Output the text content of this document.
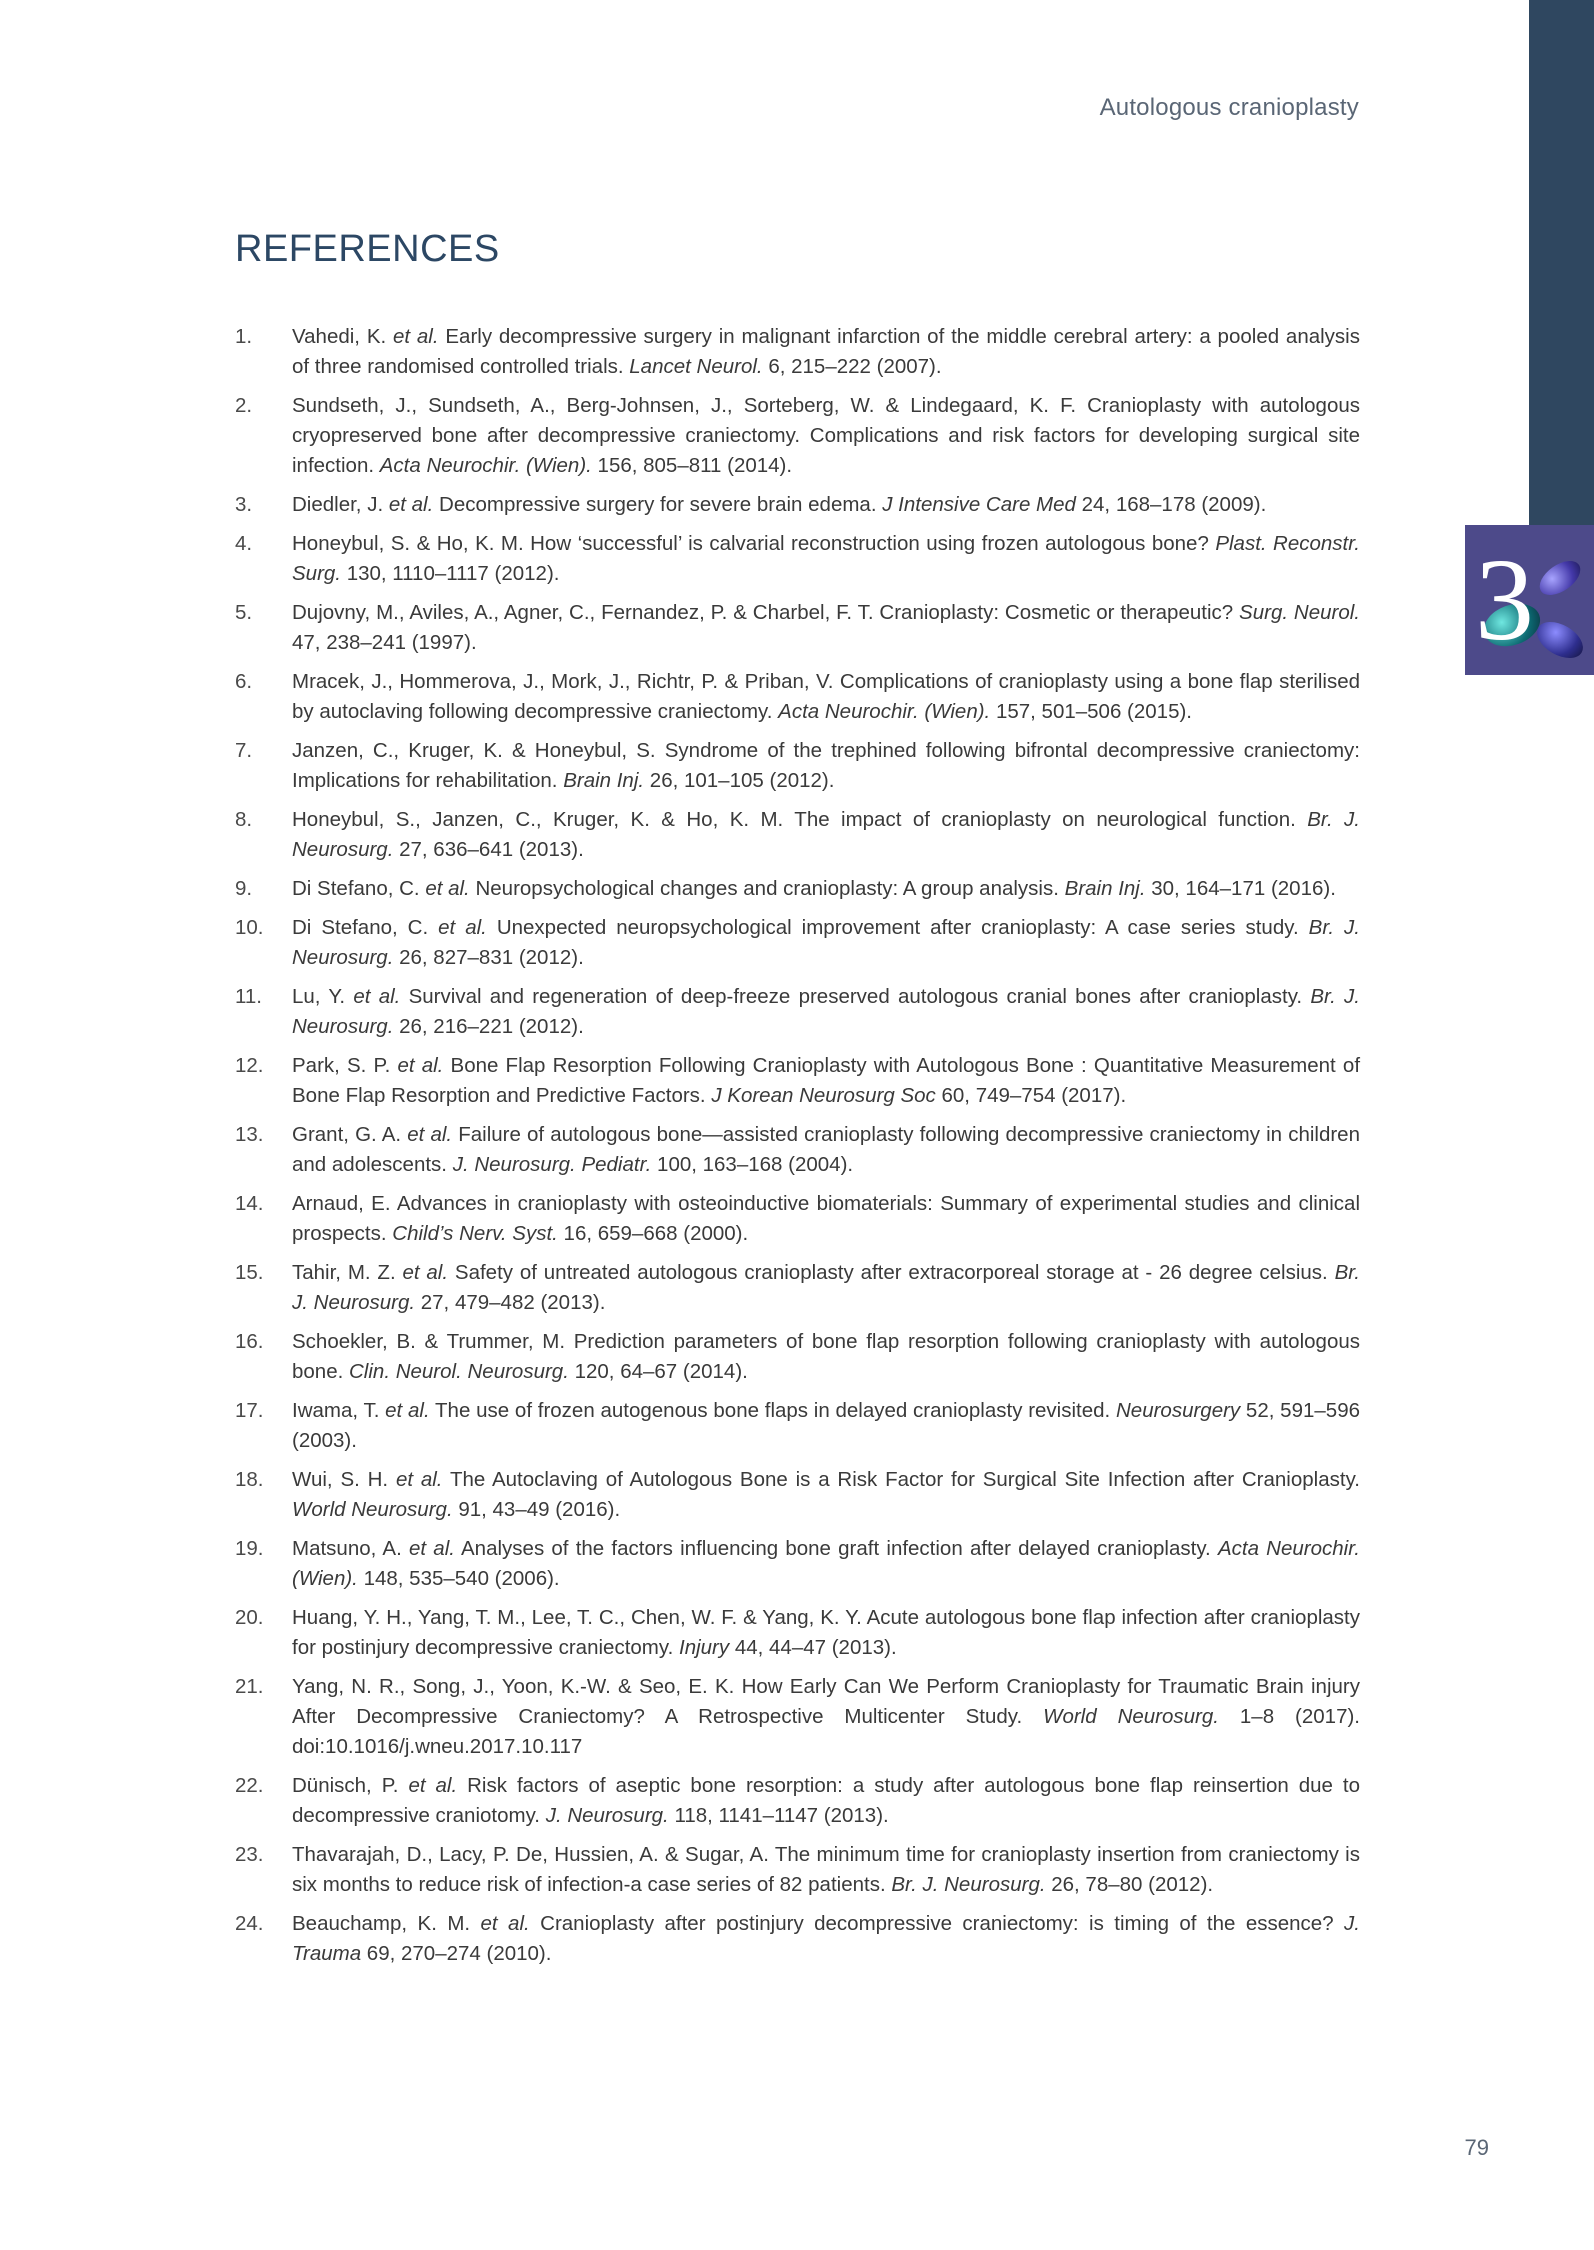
3
Autologous cranioplasty
REFERENCES
1.	Vahedi, K. et al. Early decompressive surgery in malignant infarction of the middle cerebral artery: a pooled analysis of three randomised controlled trials. Lancet Neurol. 6, 215–222 (2007).
2.	Sundseth, J., Sundseth, A., Berg-Johnsen, J., Sorteberg, W. & Lindegaard, K. F. Cranioplasty with autologous cryopreserved bone after decompressive craniectomy. Complications and risk factors for developing surgical site infection. Acta Neurochir. (Wien). 156, 805–811 (2014).
3.	Diedler, J. et al. Decompressive surgery for severe brain edema. J Intensive Care Med 24, 168–178 (2009).
4.	Honeybul, S. & Ho, K. M. How ‘successful’ is calvarial reconstruction using frozen autologous bone? Plast. Reconstr. Surg. 130, 1110–1117 (2012).
5.	Dujovny, M., Aviles, A., Agner, C., Fernandez, P. & Charbel, F. T. Cranioplasty: Cosmetic or therapeutic? Surg. Neurol. 47, 238–241 (1997).
6.	Mracek, J., Hommerova, J., Mork, J., Richtr, P. & Priban, V. Complications of cranioplasty using a bone flap sterilised by autoclaving following decompressive craniectomy. Acta Neurochir. (Wien). 157, 501–506 (2015).
7.	Janzen, C., Kruger, K. & Honeybul, S. Syndrome of the trephined following bifrontal decompressive craniectomy: Implications for rehabilitation. Brain Inj. 26, 101–105 (2012).
8.	Honeybul, S., Janzen, C., Kruger, K. & Ho, K. M. The impact of cranioplasty on neurological function. Br. J. Neurosurg. 27, 636–641 (2013).
9.	Di Stefano, C. et al. Neuropsychological changes and cranioplasty: A group analysis. Brain Inj. 30, 164–171 (2016).
10.	Di Stefano, C. et al. Unexpected neuropsychological improvement after cranioplasty: A case series study. Br. J. Neurosurg. 26, 827–831 (2012).
11.	Lu, Y. et al. Survival and regeneration of deep-freeze preserved autologous cranial bones after cranioplasty. Br. J. Neurosurg. 26, 216–221 (2012).
12.	Park, S. P. et al. Bone Flap Resorption Following Cranioplasty with Autologous Bone : Quantitative Measurement of Bone Flap Resorption and Predictive Factors. J Korean Neurosurg Soc 60, 749–754 (2017).
13.	Grant, G. A. et al. Failure of autologous bone—assisted cranioplasty following decompressive craniectomy in children and adolescents. J. Neurosurg. Pediatr. 100, 163–168 (2004).
14.	Arnaud, E. Advances in cranioplasty with osteoinductive biomaterials: Summary of experimental studies and clinical prospects. Child’s Nerv. Syst. 16, 659–668 (2000).
15.	Tahir, M. Z. et al. Safety of untreated autologous cranioplasty after extracorporeal storage at - 26 degree celsius. Br. J. Neurosurg. 27, 479–482 (2013).
16.	Schoekler, B. & Trummer, M. Prediction parameters of bone flap resorption following cranioplasty with autologous bone. Clin. Neurol. Neurosurg. 120, 64–67 (2014).
17.	Iwama, T. et al. The use of frozen autogenous bone flaps in delayed cranioplasty revisited. Neurosurgery 52, 591–596 (2003).
18.	Wui, S. H. et al. The Autoclaving of Autologous Bone is a Risk Factor for Surgical Site Infection after Cranioplasty. World Neurosurg. 91, 43–49 (2016).
19.	Matsuno, A. et al. Analyses of the factors influencing bone graft infection after delayed cranioplasty. Acta Neurochir. (Wien). 148, 535–540 (2006).
20.	Huang, Y. H., Yang, T. M., Lee, T. C., Chen, W. F. & Yang, K. Y. Acute autologous bone flap infection after cranioplasty for postinjury decompressive craniectomy. Injury 44, 44–47 (2013).
21.	Yang, N. R., Song, J., Yoon, K.-W. & Seo, E. K. How Early Can We Perform Cranioplasty for Traumatic Brain injury After Decompressive Craniectomy? A Retrospective Multicenter Study. World Neurosurg. 1–8 (2017). doi:10.1016/j.wneu.2017.10.117
22.	Dünisch, P. et al. Risk factors of aseptic bone resorption: a study after autologous bone flap reinsertion due to decompressive craniotomy. J. Neurosurg. 118, 1141–1147 (2013).
23.	Thavarajah, D., Lacy, P. De, Hussien, A. & Sugar, A. The minimum time for cranioplasty insertion from craniectomy is six months to reduce risk of infection-a case series of 82 patients. Br. J. Neurosurg. 26, 78–80 (2012).
24.	Beauchamp, K. M. et al. Cranioplasty after postinjury decompressive craniectomy: is timing of the essence? J. Trauma 69, 270–274 (2010).
79
